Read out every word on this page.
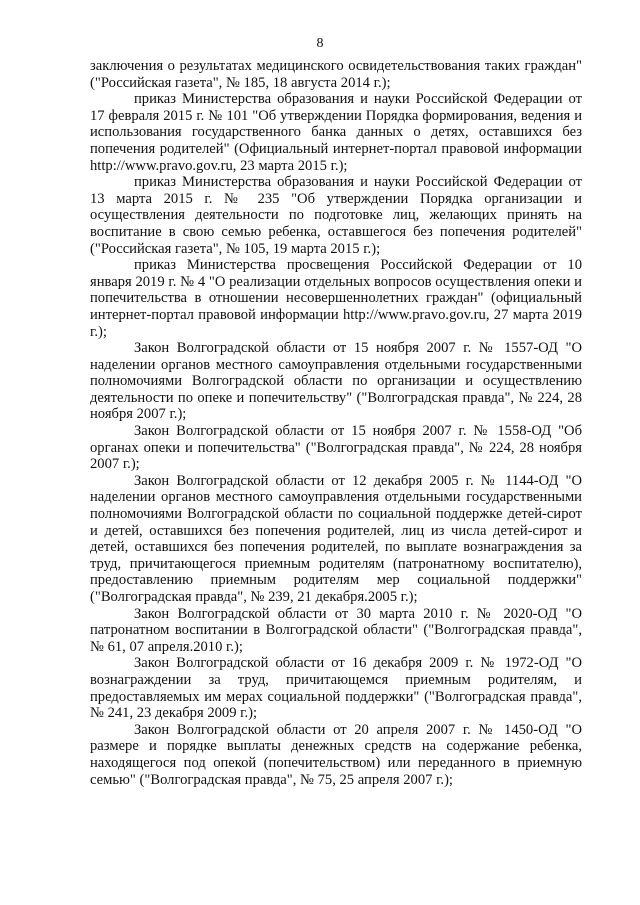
8

заключения о результатах медицинского освидетельствования таких граждан" ("Российская газета", № 185, 18 августа 2014 г.);

приказ Министерства образования и науки Российской Федерации от 17 февраля 2015 г. № 101 "Об утверждении Порядка формирования, ведения и использования государственного банка данных о детях, оставшихся без попечения родителей" (Официальный интернет-портал правовой информации http://www.pravo.gov.ru, 23 марта 2015 г.);

приказ Министерства образования и науки Российской Федерации от 13 марта 2015 г. № 235 "Об утверждении Порядка организации и осуществления деятельности по подготовке лиц, желающих принять на воспитание в свою семью ребенка, оставшегося без попечения родителей" ("Российская газета", № 105, 19 марта 2015 г.);

приказ Министерства просвещения Российской Федерации от 10 января 2019 г. № 4 "О реализации отдельных вопросов осуществления опеки и попечительства в отношении несовершеннолетних граждан" (официальный интернет-портал правовой информации http://www.pravo.gov.ru, 27 марта 2019 г.);

Закон Волгоградской области от 15 ноября 2007 г. № 1557-ОД "О наделении органов местного самоуправления отдельными государственными полномочиями Волгоградской области по организации и осуществлению деятельности по опеке и попечительству" ("Волгоградская правда", № 224, 28 ноября 2007 г.);

Закон Волгоградской области от 15 ноября 2007 г. № 1558-ОД "Об органах опеки и попечительства" ("Волгоградская правда", № 224, 28 ноября 2007 г.);

Закон Волгоградской области от 12 декабря 2005 г. № 1144-ОД "О наделении органов местного самоуправления отдельными государственными полномочиями Волгоградской области по социальной поддержке детей-сирот и детей, оставшихся без попечения родителей, лиц из числа детей-сирот и детей, оставшихся без попечения родителей, по выплате вознаграждения за труд, причитающегося приемным родителям (патронатному воспитателю), предоставлению приемным родителям мер социальной поддержки" ("Волгоградская правда", № 239, 21 декабря.2005 г.);

Закон Волгоградской области от 30 марта 2010 г. № 2020-ОД "О патронатном воспитании в Волгоградской области" ("Волгоградская правда", № 61, 07 апреля.2010 г.);

Закон Волгоградской области от 16 декабря 2009 г. № 1972-ОД "О вознаграждении за труд, причитающемся приемным родителям, и предоставляемых им мерах социальной поддержки" ("Волгоградская правда", № 241, 23 декабря 2009 г.);

Закон Волгоградской области от 20 апреля 2007 г. № 1450-ОД "О размере и порядке выплаты денежных средств на содержание ребенка, находящегося под опекой (попечительством) или переданного в приемную семью" ("Волгоградская правда", № 75, 25 апреля 2007 г.);
